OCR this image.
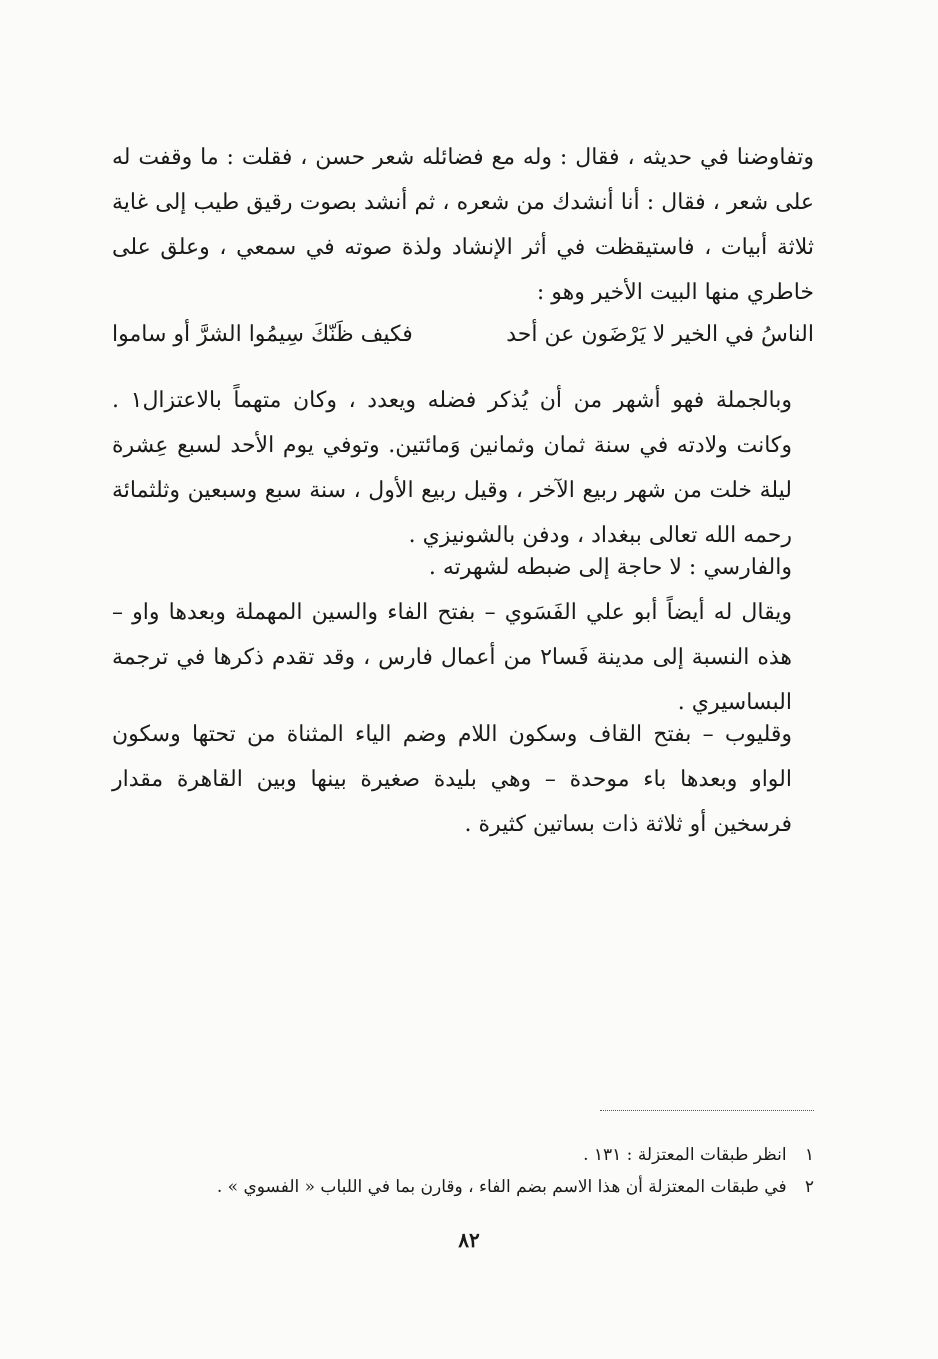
وتفاوضنا في حديثه ، فقال : وله مع فضائله شعر حسن ، فقلت : ما وقفت له على شعر ، فقال : أنا أنشدك من شعره ، ثم أنشد بصوت رقيق طيب إلى غاية ثلاثة أبيات ، فاستيقظت في أثر الإنشاد ولذة صوته في سمعي ، وعلق على خاطري منها البيت الأخير وهو :

الناسُ في الخير لا يَرْضَون عن أحد
فكيف ظَنّكَ سِيمُوا الشرَّ أو ساموا

وبالجملة فهو أشهر من أن يُذكر فضله ويعدد ، وكان متهماً بالاعتزال١ . وكانت ولادته في سنة ثمان وثمانين وَمائتين. وتوفي يوم الأحد لسبع عِشرة ليلة خلت من شهر ربيع الآخر ، وقيل ربيع الأول ، سنة سبع وسبعين وثلثمائة رحمه الله تعالى ببغداد ، ودفن بالشونيزي .

والفارسي : لا حاجة إلى ضبطه لشهرته .

ويقال له أيضاً أبو علي الفَسَوي – بفتح الفاء والسين المهملة وبعدها واو – هذه النسبة إلى مدينة فَسا٢ من أعمال فارس ، وقد تقدم ذكرها في ترجمة البساسيري .

وقليوب – بفتح القاف وسكون اللام وضم الياء المثناة من تحتها وسكون الواو وبعدها باء موحدة – وهي بليدة صغيرة بينها وبين القاهرة مقدار فرسخين أو ثلاثة ذات بساتين كثيرة .

١ انظر طبقات المعتزلة : ١٣١ .
٢ في طبقات المعتزلة أن هذا الاسم بضم الفاء ، وقارن بما في اللباب « الفسوي » .
٨٢
